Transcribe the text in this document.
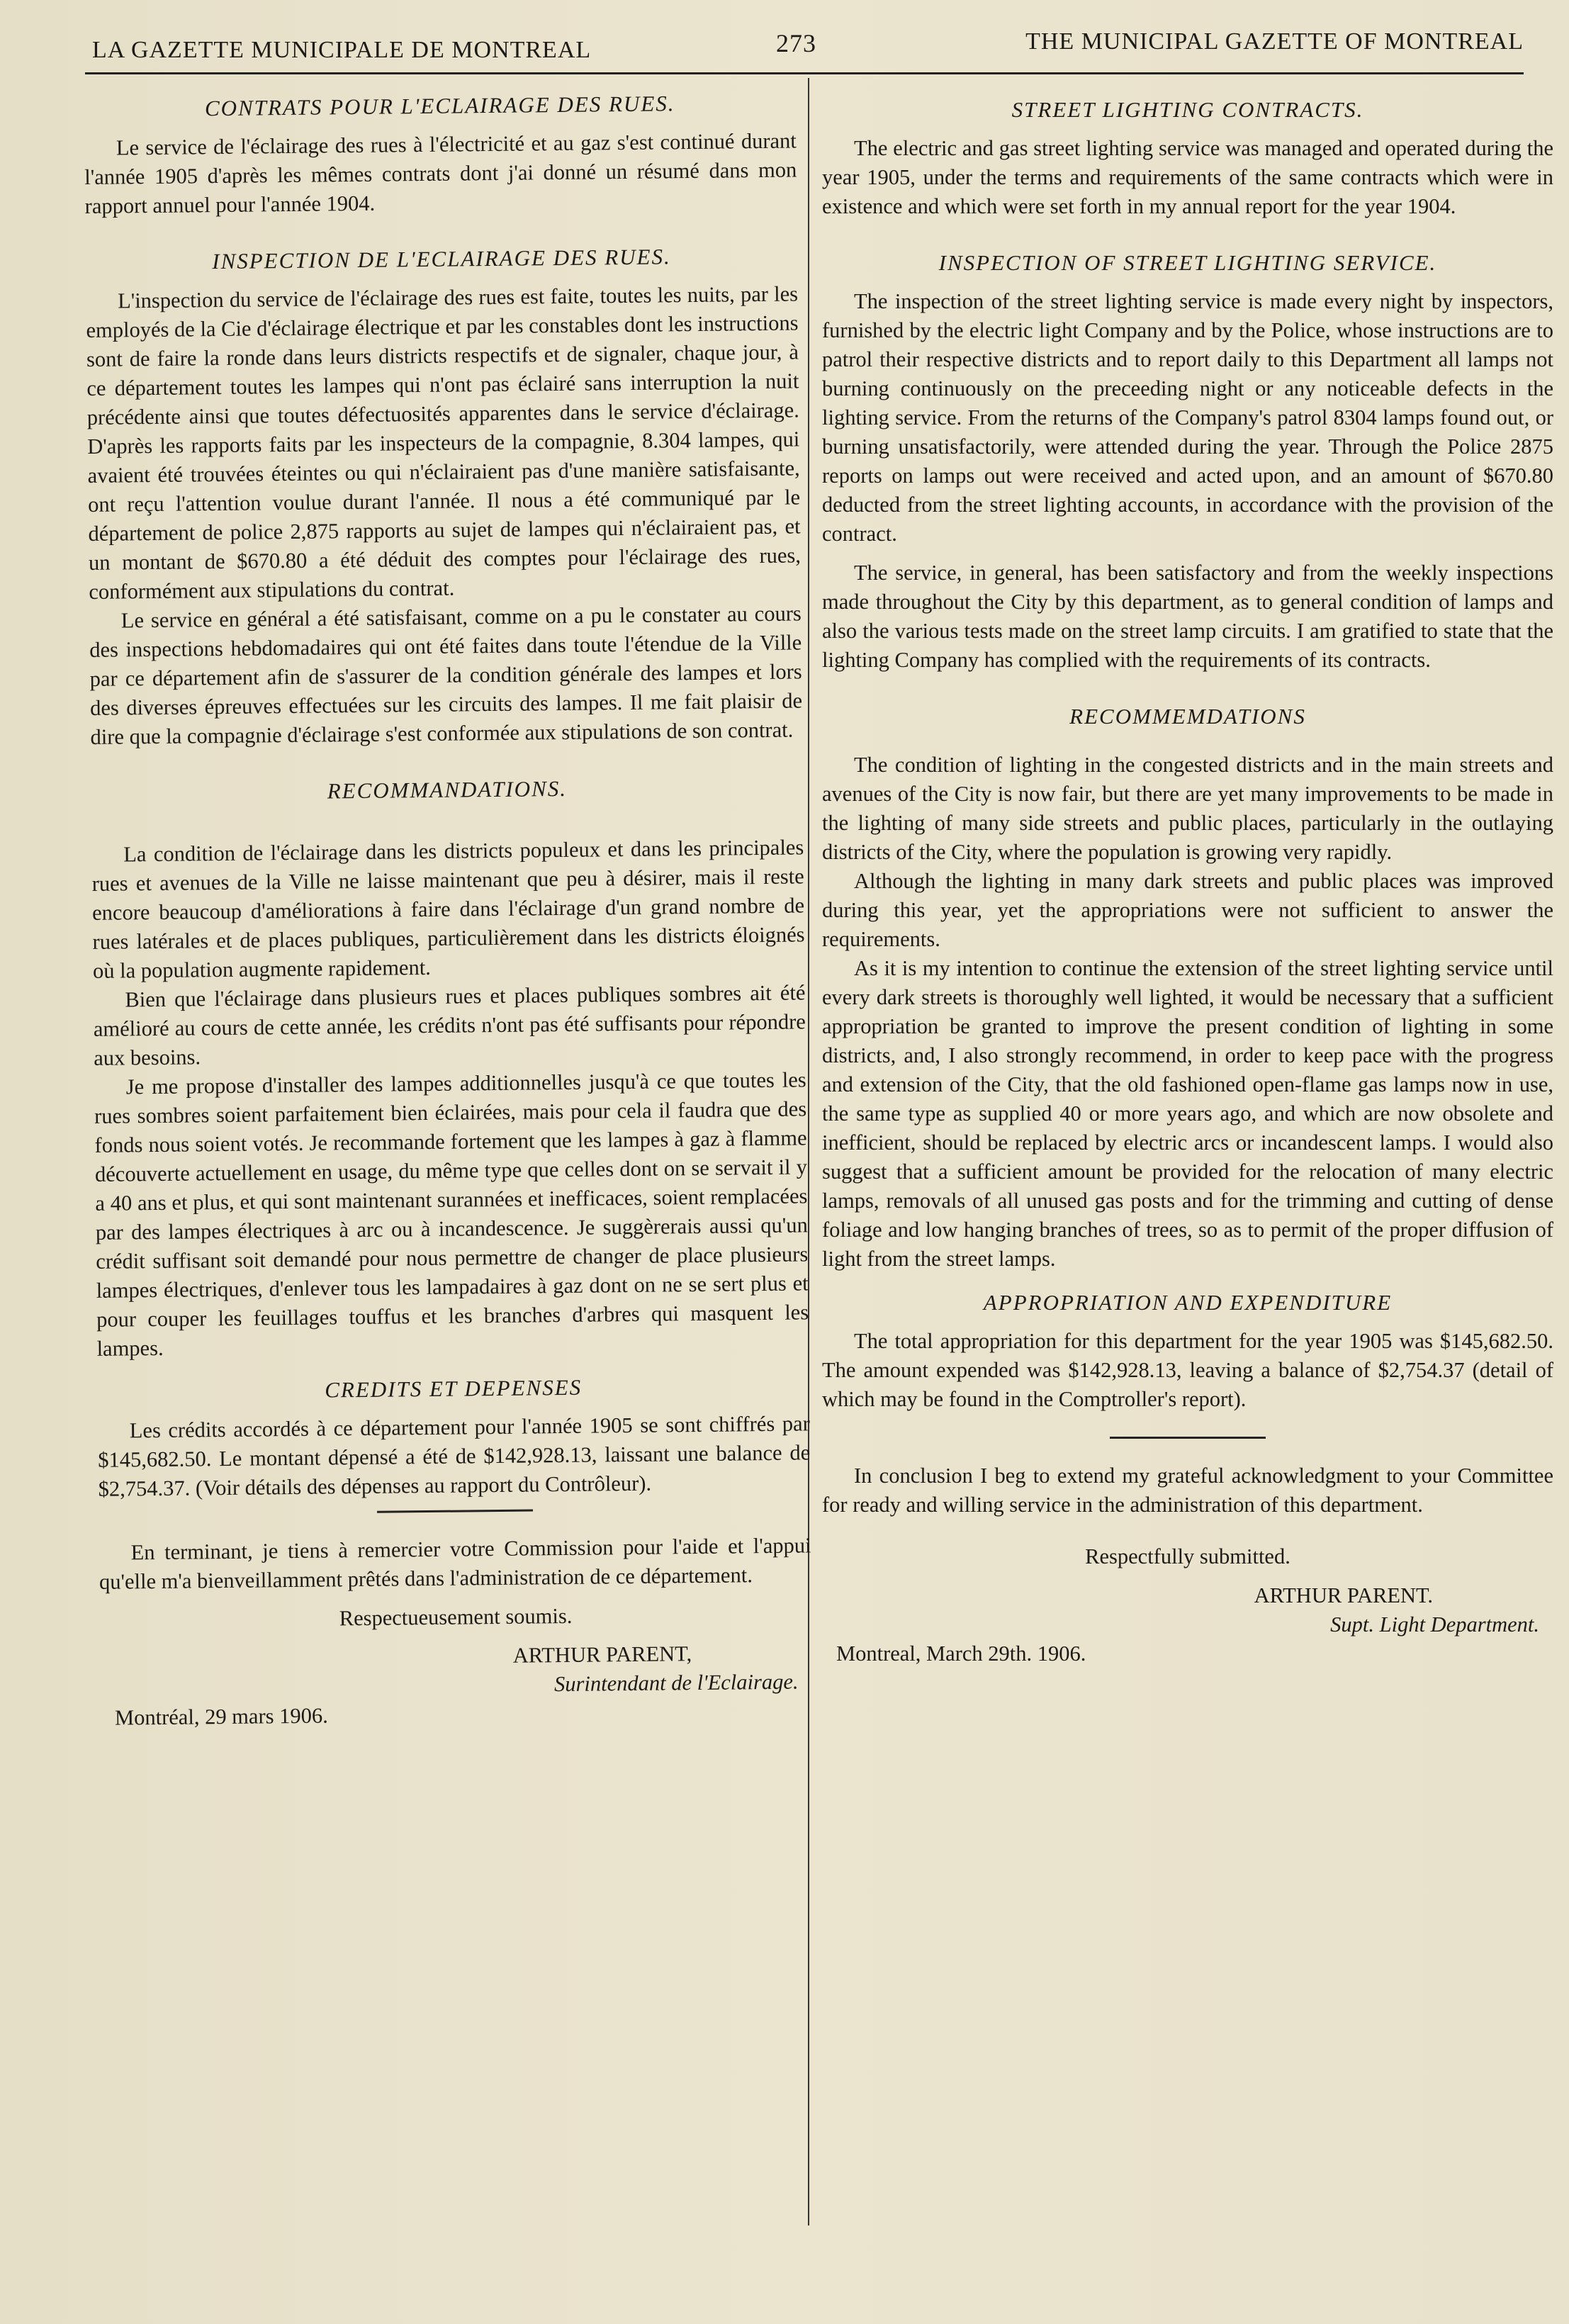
LA GAZETTE MUNICIPALE DE MONTREAL	273	THE MUNICIPAL GAZETTE OF MONTREAL
CONTRATS POUR L'ECLAIRAGE DES RUES.

Le service de l'éclairage des rues à l'électricité et au gaz s'est continué durant l'année 1905 d'après les mêmes contrats dont j'ai donné un résumé dans mon rapport annuel pour l'année 1904.

INSPECTION DE L'ECLAIRAGE DES RUES.

L'inspection du service de l'éclairage des rues est faite, toutes les nuits, par les employés de la Cie d'éclairage électrique et par les constables dont les instructions sont de faire la ronde dans leurs districts respectifs et de signaler, chaque jour, à ce département toutes les lampes qui n'ont pas éclairé sans interruption la nuit précédente ainsi que toutes défectuosités apparentes dans le service d'éclairage. D'après les rapports faits par les inspecteurs de la compagnie, 8.304 lampes, qui avaient été trouvées éteintes ou qui n'éclairaient pas d'une manière satisfaisante, ont reçu l'attention voulue durant l'année. Il nous a été communiqué par le département de police 2,875 rapports au sujet de lampes qui n'éclairaient pas, et un montant de $670.80 a été déduit des comptes pour l'éclairage des rues, conformément aux stipulations du contrat.

Le service en général a été satisfaisant, comme on a pu le constater au cours des inspections hebdomadaires qui ont été faites dans toute l'étendue de la Ville par ce département afin de s'assurer de la condition générale des lampes et lors des diverses épreuves effectuées sur les circuits des lampes. Il me fait plaisir de dire que la compagnie d'éclairage s'est conformée aux stipulations de son contrat.

RECOMMANDATIONS.

La condition de l'éclairage dans les districts populeux et dans les principales rues et avenues de la Ville ne laisse maintenant que peu à désirer, mais il reste encore beaucoup d'améliorations à faire dans l'éclairage d'un grand nombre de rues latérales et de places publiques, particulièrement dans les districts éloignés où la population augmente rapidement.

Bien que l'éclairage dans plusieurs rues et places publiques sombres ait été amélioré au cours de cette année, les crédits n'ont pas été suffisants pour répondre aux besoins.

Je me propose d'installer des lampes additionnelles jusqu'à ce que toutes les rues sombres soient parfaitement bien éclairées, mais pour cela il faudra que des fonds nous soient votés. Je recommande fortement que les lampes à gaz à flamme découverte actuellement en usage, du même type que celles dont on se servait il y a 40 ans et plus, et qui sont maintenant surannées et inefficaces, soient remplacées par des lampes électriques à arc ou à incandescence. Je suggèrerais aussi qu'un crédit suffisant soit demandé pour nous permettre de changer de place plusieurs lampes électriques, d'enlever tous les lampadaires à gaz dont on ne se sert plus et pour couper les feuillages touffus et les branches d'arbres qui masquent les lampes.

CREDITS ET DEPENSES

Les crédits accordés à ce département pour l'année 1905 se sont chiffrés par $145,682.50. Le montant dépensé a été de $142,928.13, laissant une balance de $2,754.37. (Voir détails des dépenses au rapport du Contrôleur).

En terminant, je tiens à remercier votre Commission pour l'aide et l'appui qu'elle m'a bienveillamment prêtés dans l'administration de ce département.

Respectueusement soumis.

ARTHUR PARENT,

Surintendant de l'Eclairage.

Montréal, 29 mars 1906.

STREET LIGHTING CONTRACTS.

The electric and gas street lighting service was managed and operated during the year 1905, under the terms and requirements of the same contracts which were in existence and which were set forth in my annual report for the year 1904.

INSPECTION OF STREET LIGHTING SERVICE.

The inspection of the street lighting service is made every night by inspectors, furnished by the electric light Company and by the Police, whose instructions are to patrol their respective districts and to report daily to this Department all lamps not burning continuously on the preceeding night or any noticeable defects in the lighting service. From the returns of the Company's patrol 8304 lamps found out, or burning unsatisfactorily, were attended during the year. Through the Police 2875 reports on lamps out were received and acted upon, and an amount of $670.80 deducted from the street lighting accounts, in accordance with the provision of the contract.

The service, in general, has been satisfactory and from the weekly inspections made throughout the City by this department, as to general condition of lamps and also the various tests made on the street lamp circuits. I am gratified to state that the lighting Company has complied with the requirements of its contracts.

RECOMMEMDATIONS

The condition of lighting in the congested districts and in the main streets and avenues of the City is now fair, but there are yet many improvements to be made in the lighting of many side streets and public places, particularly in the outlaying districts of the City, where the population is growing very rapidly.

Although the lighting in many dark streets and public places was improved during this year, yet the appropriations were not sufficient to answer the requirements.

As it is my intention to continue the extension of the street lighting service until every dark streets is thoroughly well lighted, it would be necessary that a sufficient appropriation be granted to improve the present condition of lighting in some districts, and, I also strongly recommend, in order to keep pace with the progress and extension of the City, that the old fashioned open-flame gas lamps now in use, the same type as supplied 40 or more years ago, and which are now obsolete and inefficient, should be replaced by electric arcs or incandescent lamps. I would also suggest that a sufficient amount be provided for the relocation of many electric lamps, removals of all unused gas posts and for the trimming and cutting of dense foliage and low hanging branches of trees, so as to permit of the proper diffusion of light from the street lamps.

APPROPRIATION AND EXPENDITURE

The total appropriation for this department for the year 1905 was $145,682.50. The amount expended was $142,928.13, leaving a balance of $2,754.37 (detail of which may be found in the Comptroller's report).

In conclusion I beg to extend my grateful acknowledgment to your Committee for ready and willing service in the administration of this department.

Respectfully submitted.

ARTHUR PARENT.

Supt. Light Department.

Montreal, March 29th. 1906.
